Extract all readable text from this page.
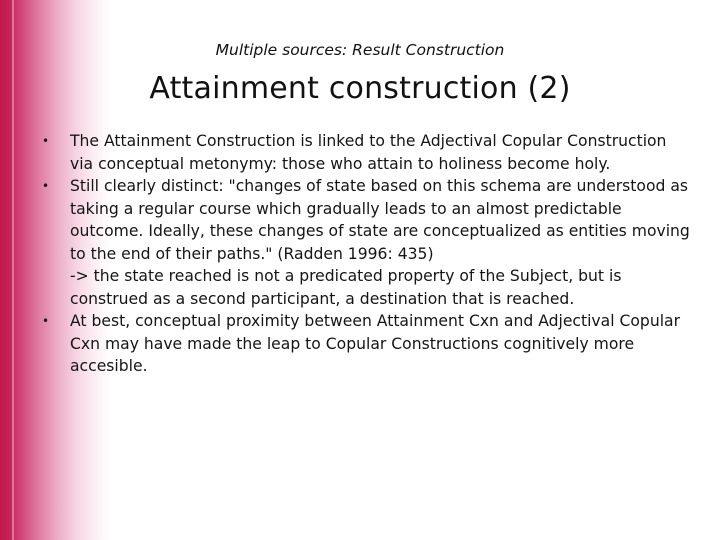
Multiple sources: Result Construction
Attainment construction (2)
• The Attainment Construction is linked to the Adjectival Copular Construction via conceptual metonymy: those who attain to holiness become holy.
• Still clearly distinct: "changes of state based on this schema are understood as taking a regular course which gradually leads to an almost predictable outcome. Ideally, these changes of state are conceptualized as entities moving to the end of their paths." (Radden 1996: 435)
-> the state reached is not a predicated property of the Subject, but is construed as a second participant, a destination that is reached.
• At best, conceptual proximity between Attainment Cxn and Adjectival Copular Cxn may have made the leap to Copular Constructions cognitively more accesible.
